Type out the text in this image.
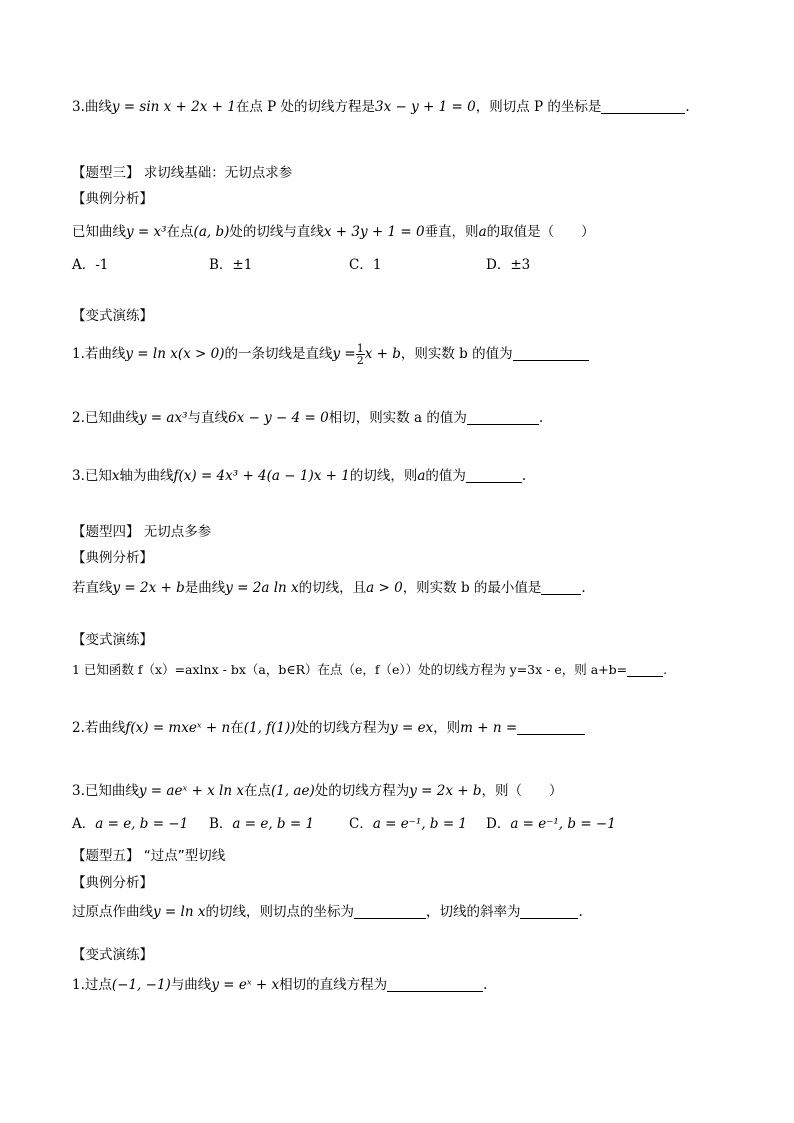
3.曲线y = sin x + 2x + 1在点 P 处的切线方程是3x − y + 1 = 0，则切点 P 的坐标是	.
【题型三】 求切线基础：无切点求参
【典例分析】
已知曲线y = x³在点(a, b)处的切线与直线x + 3y + 1 = 0垂直，则a的取值是（　　）
A．-1	B．±1	C．1	D．±3
【变式演练】
1.若曲线y = ln x(x > 0)的一条切线是直线$y = \frac{1}{2}$ x + b，则实数 b 的值为
2.已知曲线y = ax³与直线6x − y − 4 = 0相切，则实数 a 的值为	.
3.已知x轴为曲线f(x) = 4x³ + 4(a − 1)x + 1的切线，则a的值为	.
【题型四】 无切点多参
【典例分析】
若直线y = 2x + b是曲线y = 2a ln x的切线，且a > 0，则实数 b 的最小值是	.
【变式演练】
1 已知函数 f（x）=axlnx - bx（a，b∈R）在点（e，f（e））处的切线方程为 y=3x - e，则 a+b=	.
2.若曲线f(x) = mxeˣ + n在(1, f(1))处的切线方程为y = ex，则m + n =
3.已知曲线y = aeˣ + x ln x在点(1, ae)处的切线方程为y = 2x + b，则（　　）
A．a = e, b = −1 B．a = e, b = 1	C．a = e⁻¹, b = 1 D．a = e⁻¹, b = −1
【题型五】 “过点”型切线
【典例分析】
过原点作曲线y = ln x的切线，则切点的坐标为	，切线的斜率为	.
【变式演练】
1.过点(−1, −1)与曲线y = eˣ + x相切的直线方程为	.
